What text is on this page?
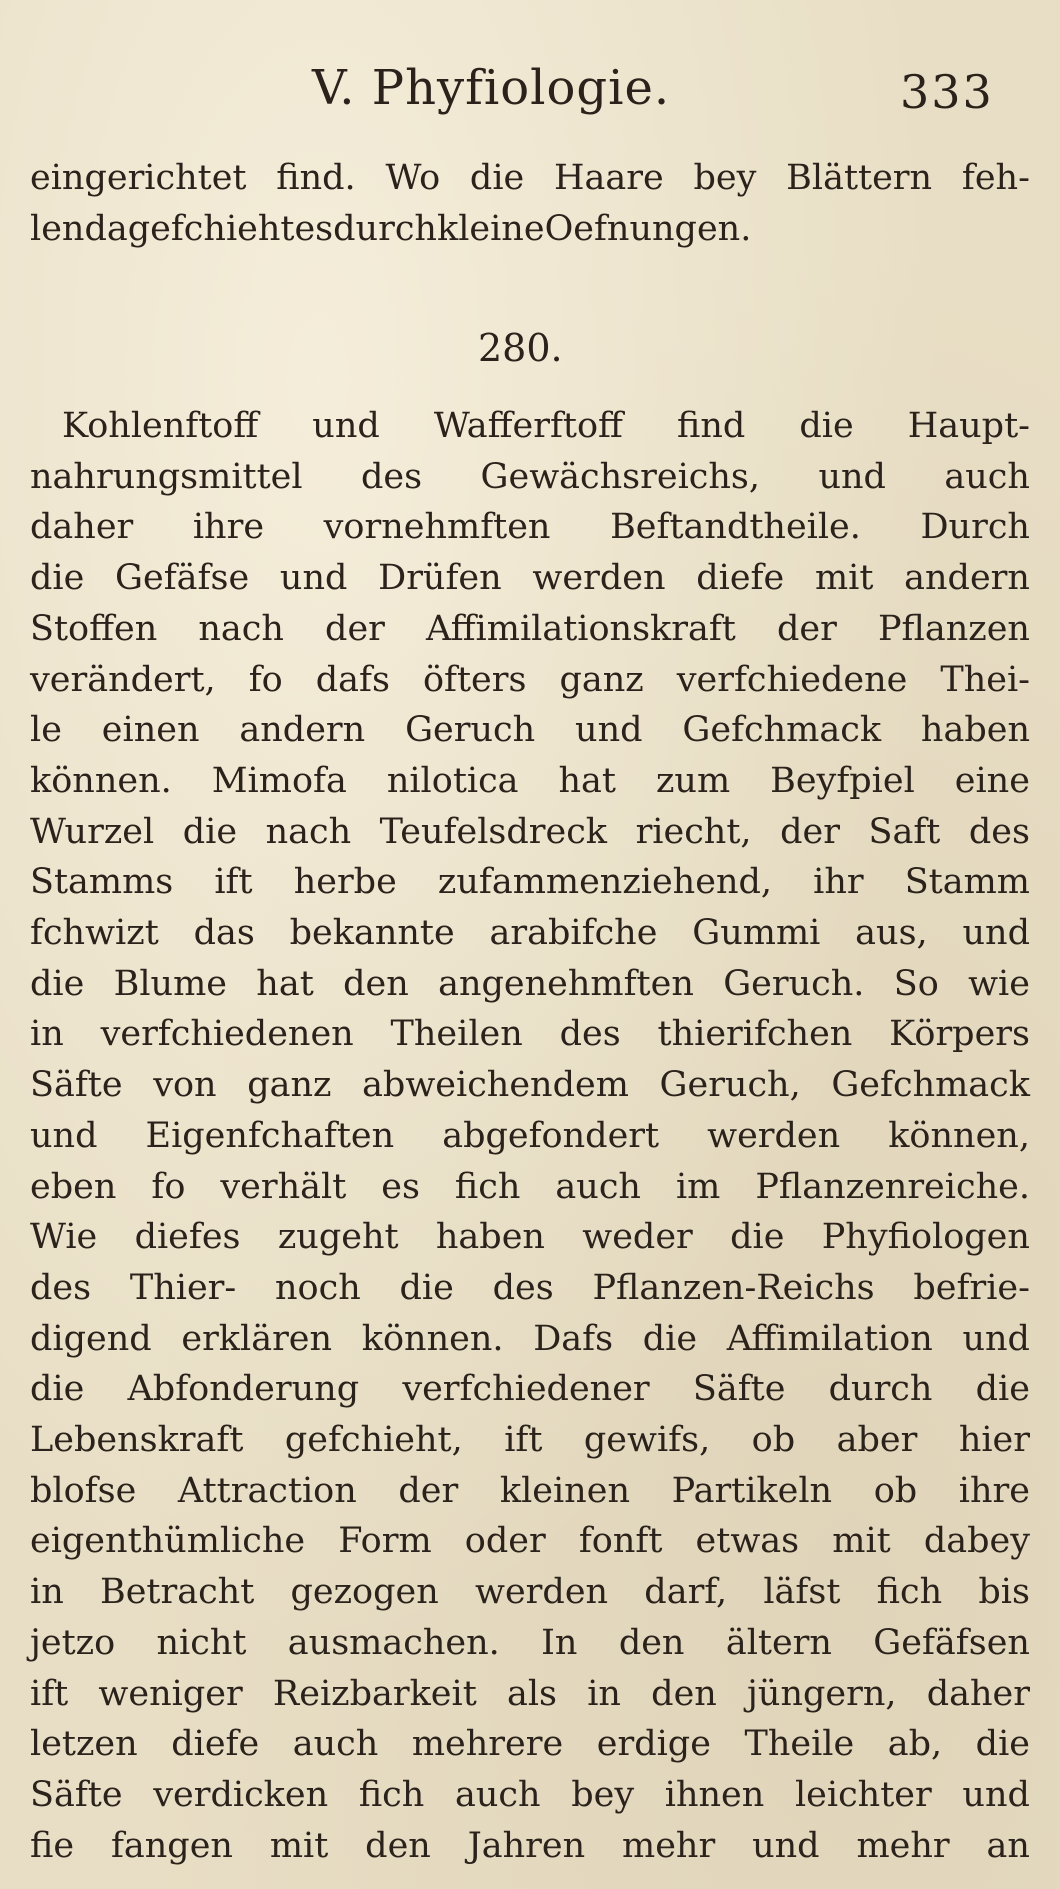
V. Phyfiologie.	333
eingerichtet find. Wo die Haare bey Blättern feh-
len da gefchieht es durch kleine Oefnungen.
280.
Kohlenftoff und Wafferftoff find die Haupt-
nahrungsmittel des Gewächsreichs, und auch
daher ihre vornehmften Beftandtheile. Durch
die Gefäfse und Drüfen werden diefe mit andern
Stoffen nach der Affimilationskraft der Pflanzen
verändert, fo dafs öfters ganz verfchiedene Thei-
le einen andern Geruch und Gefchmack haben
können. Mimofa nilotica hat zum Beyfpiel eine
Wurzel die nach Teufelsdreck riecht, der Saft des
Stamms ift herbe zufammenziehend, ihr Stamm
fchwizt das bekannte arabifche Gummi aus, und
die Blume hat den angenehmften Geruch. So wie
in verfchiedenen Theilen des thierifchen Körpers
Säfte von ganz abweichendem Geruch, Gefchmack
und Eigenfchaften abgefondert werden können,
eben fo verhält es fich auch im Pflanzenreiche.
Wie diefes zugeht haben weder die Phyfiologen
des Thier- noch die des Pflanzen-Reichs befrie-
digend erklären können. Dafs die Affimilation und
die Abfonderung verfchiedener Säfte durch die
Lebenskraft gefchieht, ift gewifs, ob aber hier
blofse Attraction der kleinen Partikeln ob ihre
eigenthümliche Form oder fonft etwas mit dabey
in Betracht gezogen werden darf, läfst fich bis
jetzo nicht ausmachen. In den ältern Gefäfsen
ift weniger Reizbarkeit als in den jüngern, daher
letzen diefe auch mehrere erdige Theile ab, die
Säfte verdicken fich auch bey ihnen leichter und
fie fangen mit den Jahren mehr und mehr an
